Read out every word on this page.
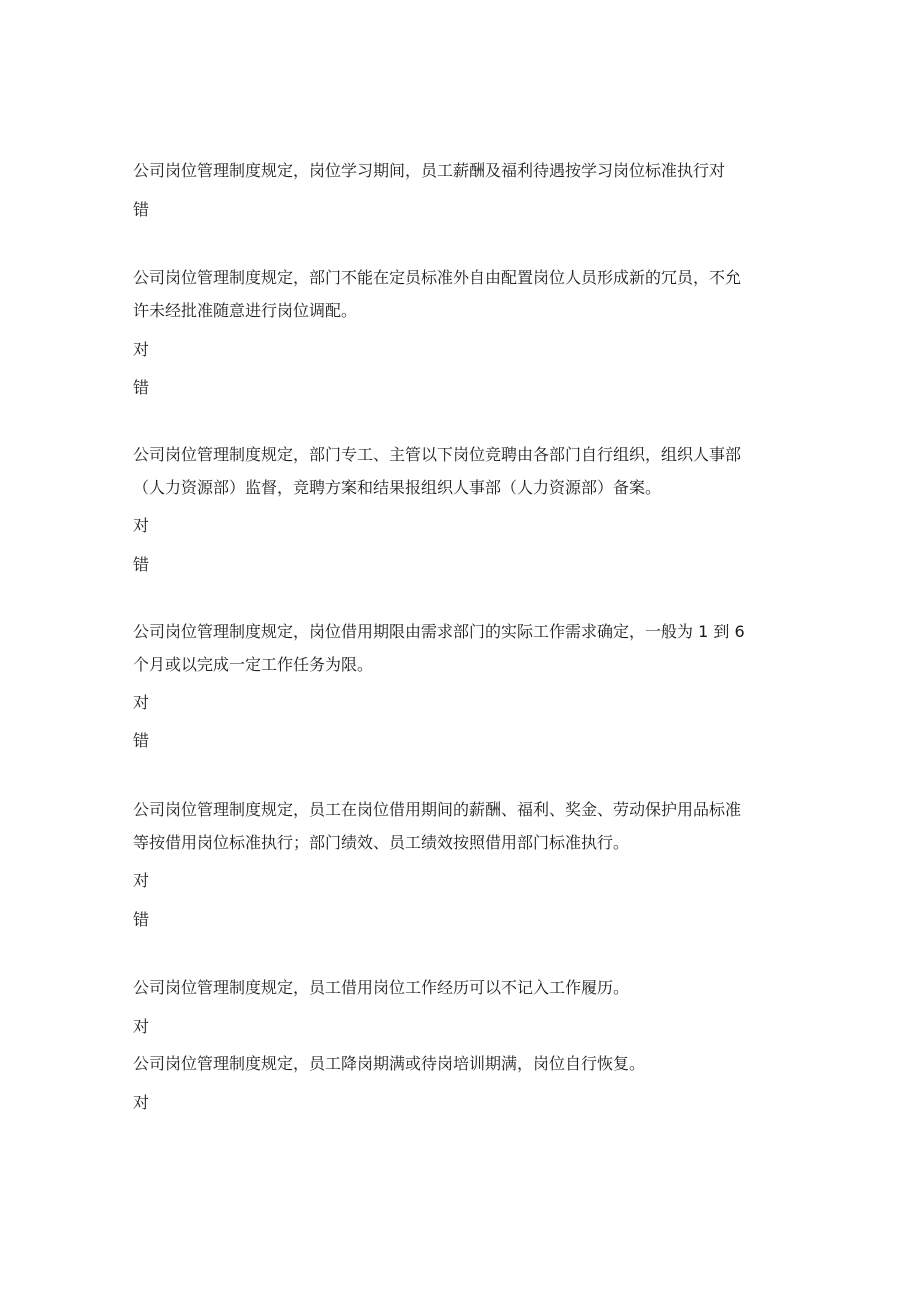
公司岗位管理制度规定，岗位学习期间，员工薪酬及福利待遇按学习岗位标准执行对
错
公司岗位管理制度规定，部门不能在定员标准外自由配置岗位人员形成新的冗员，不允
许未经批准随意进行岗位调配。
对
错
公司岗位管理制度规定，部门专工、主管以下岗位竞聘由各部门自行组织，组织人事部
（人力资源部）监督，竞聘方案和结果报组织人事部（人力资源部）备案。
对
错
公司岗位管理制度规定，岗位借用期限由需求部门的实际工作需求确定，一般为 1 到 6
个月或以完成一定工作任务为限。
对
错
公司岗位管理制度规定，员工在岗位借用期间的薪酬、福利、奖金、劳动保护用品标准
等按借用岗位标准执行；部门绩效、员工绩效按照借用部门标准执行。
对
错
公司岗位管理制度规定，员工借用岗位工作经历可以不记入工作履历。
对
公司岗位管理制度规定，员工降岗期满或待岗培训期满，岗位自行恢复。
对
